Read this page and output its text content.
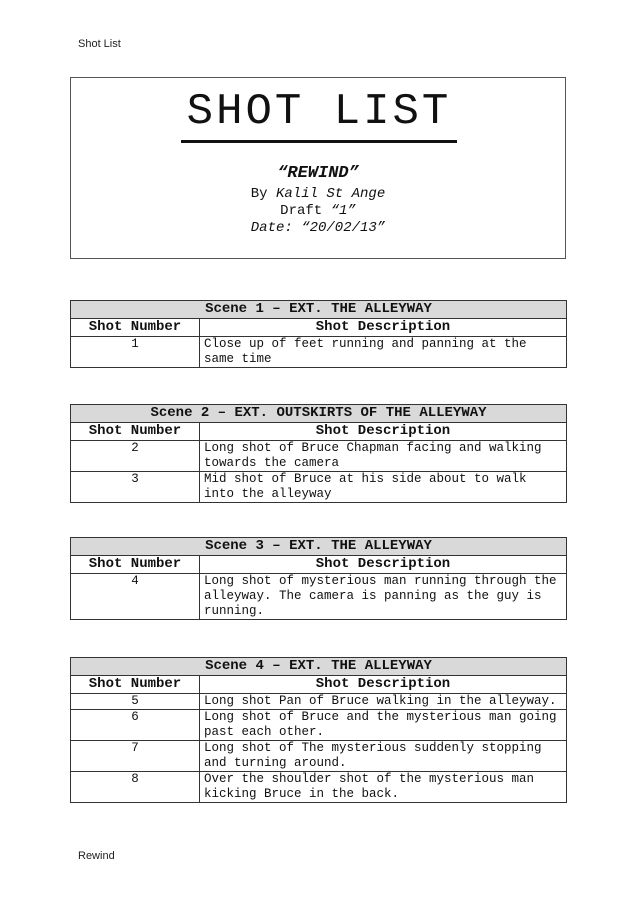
Shot List
SHOT LIST
“REWIND”
By Kalil St Ange
Draft “1”
Date: “20/02/13”
Scene 1 – EXT. THE ALLEYWAY	
Shot Number	Shot Description
1	Close up of feet running and panning at the same time
Scene 2 – EXT. OUTSKIRTS OF THE ALLEYWAY	
Shot Number	Shot Description
2	Long shot of Bruce Chapman facing and walking towards the camera
3	Mid shot of Bruce at his side about to walk into the alleyway
Scene 3 – EXT. THE ALLEYWAY	
Shot Number	Shot Description
4	Long shot of mysterious man running through the alleyway. The camera is panning as the guy is running.
Scene 4 – EXT. THE ALLEYWAY	
Shot Number	Shot Description
5	Long shot Pan of Bruce walking in the alleyway.
6	Long shot of Bruce and the mysterious man going past each other.
7	Long shot of The mysterious suddenly stopping and turning around.
8	Over the shoulder shot of the mysterious man kicking Bruce in the back.
Rewind
